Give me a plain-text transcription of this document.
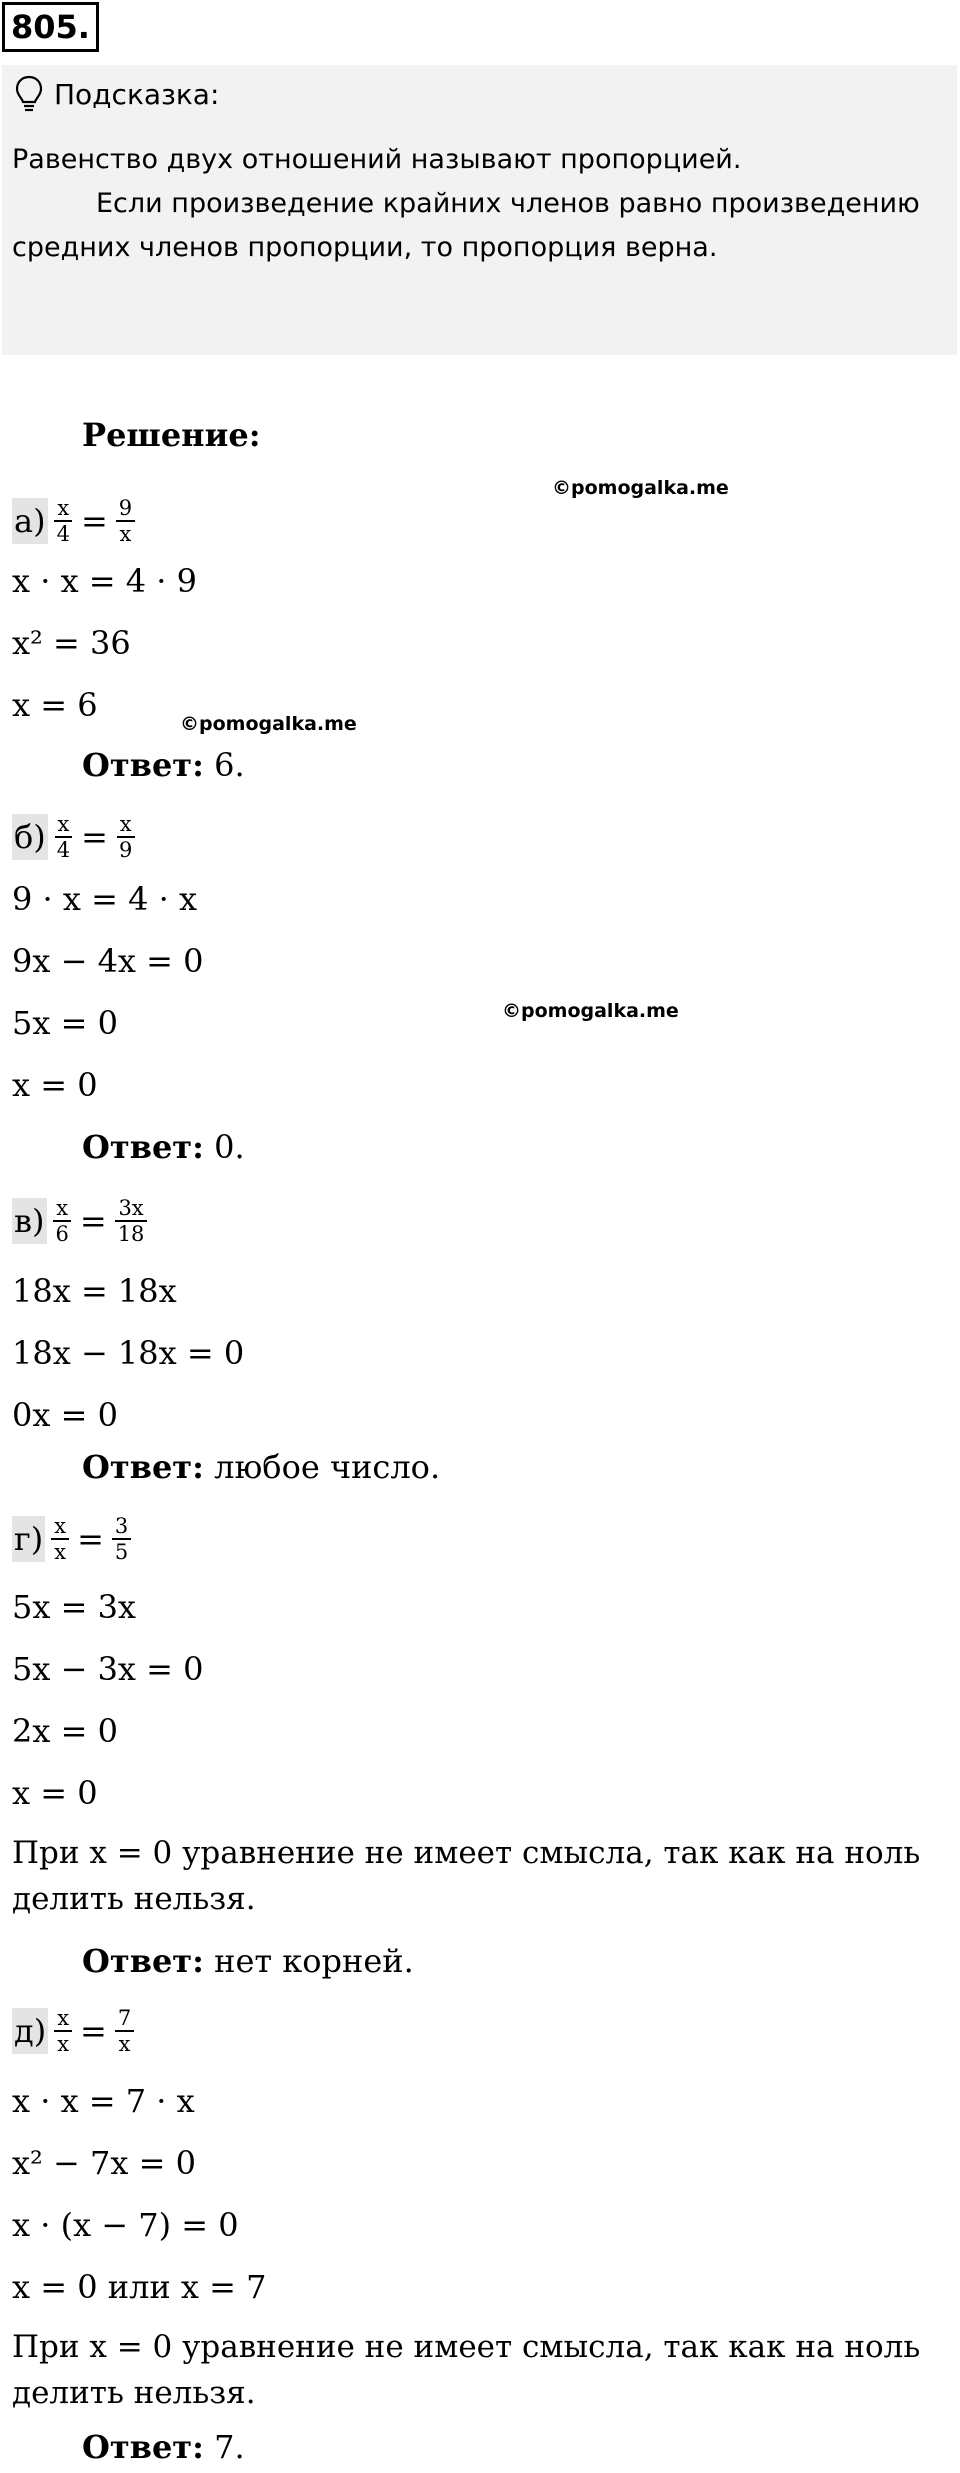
805.
Подсказка:

Равенство двух отношений называют пропорцией.

Если произведение крайних членов равно произведению средних членов пропорции, то пропорция верна.

Решение:
©pomogalka.me
©pomogalka.me
©pomogalka.me
$а) \frac{x}{4} = \frac{9}{x}$
x · x = 4 · 9
x² = 36
x = 6
Ответ: 6.
$б) \frac{x}{4} = \frac{x}{9}$
9 · x = 4 · x
9x − 4x = 0
5x = 0
x = 0
Ответ: 0.
$в) \frac{x}{6} = \frac{3x}{18}$
18x = 18x
18x − 18x = 0
0x = 0
Ответ: любое число.
$г) \frac{x}{x} = \frac{3}{5}$
5x = 3x
5x − 3x = 0
2x = 0
x = 0
При x = 0 уравнение не имеет смысла, так как на ноль делить нельзя.
Ответ: нет корней.
$д) \frac{x}{x} = \frac{7}{x}$
x · x = 7 · x
x² − 7x = 0
x · (x − 7) = 0
x = 0 или x = 7
При x = 0 уравнение не имеет смысла, так как на ноль делить нельзя.
Ответ: 7.
